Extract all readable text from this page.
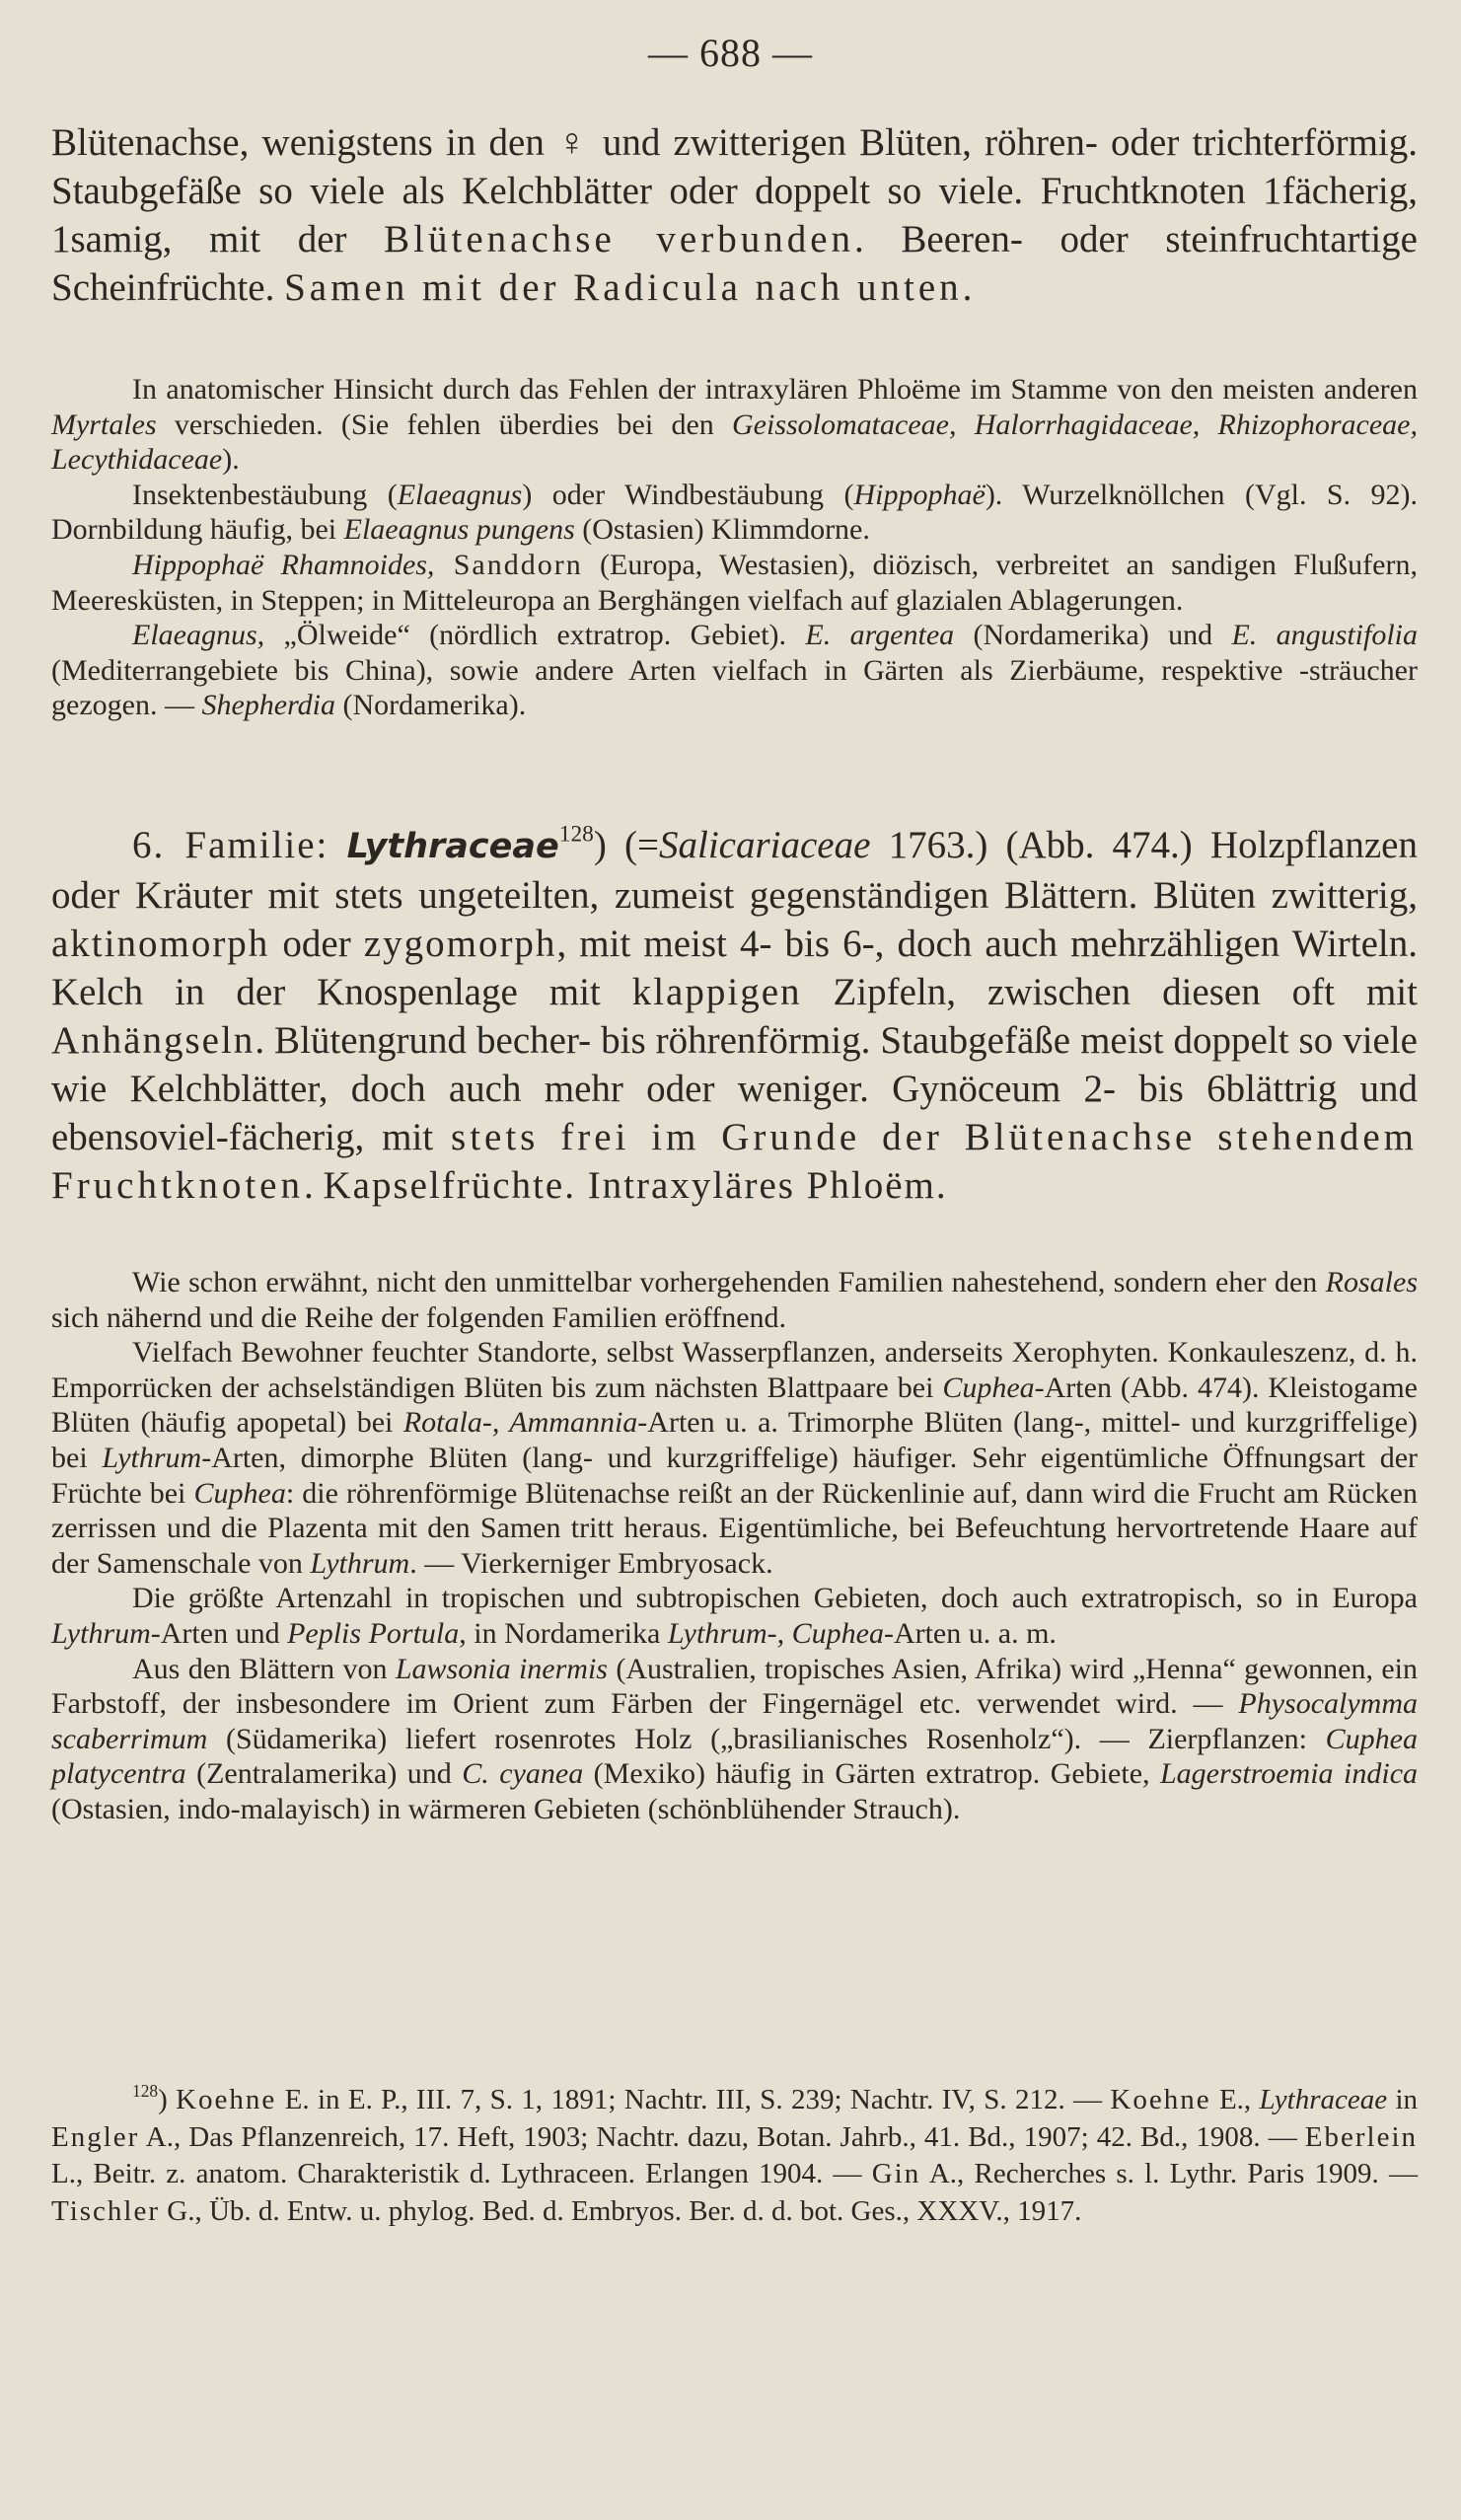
— 688 —

Blütenachse, wenigstens in den ♀ und zwitterigen Blüten, röhren- oder trichterförmig. Staubgefäße so viele als Kelchblätter oder doppelt so viele. Fruchtknoten 1fächerig, 1samig, mit der Blütenachse verbunden. Beeren- oder steinfruchtartige Scheinfrüchte. Samen mit der Radicula nach unten.

In anatomischer Hinsicht durch das Fehlen der intraxylären Phloëme im Stamme von den meisten anderen Myrtales verschieden. (Sie fehlen überdies bei den Geissolomataceae, Halorrhagidaceae, Rhizophoraceae, Lecythidaceae).

Insektenbestäubung (Elaeagnus) oder Windbestäubung (Hippophaë). Wurzelknöllchen (Vgl. S. 92). Dornbildung häufig, bei Elaeagnus pungens (Ostasien) Klimmdorne.

Hippophaë Rhamnoides, Sanddorn (Europa, Westasien), diözisch, verbreitet an sandigen Flußufern, Meeresküsten, in Steppen; in Mitteleuropa an Berghängen vielfach auf glazialen Ablagerungen.

Elaeagnus, „Ölweide“ (nördlich extratrop. Gebiet). E. argentea (Nordamerika) und E. angustifolia (Mediterrangebiete bis China), sowie andere Arten vielfach in Gärten als Zierbäume, respektive -sträucher gezogen. — Shepherdia (Nordamerika).

6. Familie: Lythraceae$^{128}$) (=Salicariaceae 1763.) (Abb. 474.) Holzpflanzen oder Kräuter mit stets ungeteilten, zumeist gegenständigen Blättern. Blüten zwitterig, aktinomorph oder zygomorph, mit meist 4- bis 6-, doch auch mehrzähligen Wirteln. Kelch in der Knospenlage mit klappigen Zipfeln, zwischen diesen oft mit Anhängseln. Blütengrund becher- bis röhrenförmig. Staubgefäße meist doppelt so viele wie Kelchblätter, doch auch mehr oder weniger. Gynöceum 2- bis 6blättrig und ebensoviel-fächerig, mit stets frei im Grunde der Blütenachse stehendem Fruchtknoten. Kapselfrüchte. Intraxyläres Phloëm.

Wie schon erwähnt, nicht den unmittelbar vorhergehenden Familien nahestehend, sondern eher den Rosales sich nähernd und die Reihe der folgenden Familien eröffnend.

Vielfach Bewohner feuchter Standorte, selbst Wasserpflanzen, anderseits Xerophyten. Konkauleszenz, d. h. Emporrücken der achselständigen Blüten bis zum nächsten Blattpaare bei Cuphea-Arten (Abb. 474). Kleistogame Blüten (häufig apopetal) bei Rotala-, Ammannia-Arten u. a. Trimorphe Blüten (lang-, mittel- und kurzgriffelige) bei Lythrum-Arten, dimorphe Blüten (lang- und kurzgriffelige) häufiger. Sehr eigentümliche Öffnungsart der Früchte bei Cuphea: die röhrenförmige Blütenachse reißt an der Rückenlinie auf, dann wird die Frucht am Rücken zerrissen und die Plazenta mit den Samen tritt heraus. Eigentümliche, bei Befeuchtung hervortretende Haare auf der Samenschale von Lythrum. — Vierkerniger Embryosack.

Die größte Artenzahl in tropischen und subtropischen Gebieten, doch auch extratropisch, so in Europa Lythrum-Arten und Peplis Portula, in Nordamerika Lythrum-, Cuphea-Arten u. a. m.

Aus den Blättern von Lawsonia inermis (Australien, tropisches Asien, Afrika) wird „Henna“ gewonnen, ein Farbstoff, der insbesondere im Orient zum Färben der Fingernägel etc. verwendet wird. — Physocalymma scaberrimum (Südamerika) liefert rosenrotes Holz („brasilianisches Rosenholz“). — Zierpflanzen: Cuphea platycentra (Zentralamerika) und C. cyanea (Mexiko) häufig in Gärten extratrop. Gebiete, Lagerstroemia indica (Ostasien, indo-malayisch) in wärmeren Gebieten (schönblühender Strauch).

$^{128}$) Koehne E. in E. P., III. 7, S. 1, 1891; Nachtr. III, S. 239; Nachtr. IV, S. 212. — Koehne E., Lythraceae in Engler A., Das Pflanzenreich, 17. Heft, 1903; Nachtr. dazu, Botan. Jahrb., 41. Bd., 1907; 42. Bd., 1908. — Eberlein L., Beitr. z. anatom. Charakteristik d. Lythraceen. Erlangen 1904. — Gin A., Recherches s. l. Lythr. Paris 1909. — Tischler G., Üb. d. Entw. u. phylog. Bed. d. Embryos. Ber. d. d. bot. Ges., XXXV., 1917.
